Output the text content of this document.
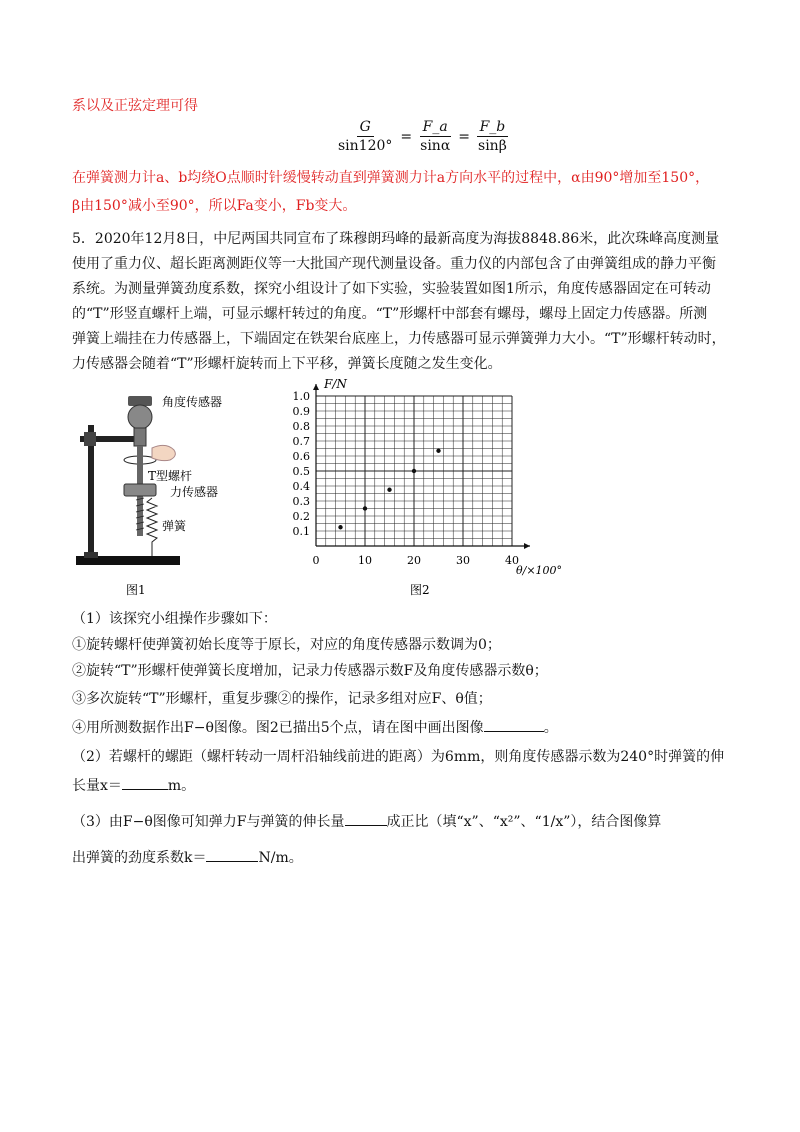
系以及正弦定理可得
$\frac{G}{\sin 120^\circ} = \frac{F\_a}{\sin\alpha} = \frac{F\_b}{\sin\beta}$
在弹簧测力计a、b均绕O点顺时针缓慢转动直到弹簧测力计a方向水平的过程中，α由90°增加至150°，
β由150°减小至90°，所以Fa变小，Fb变大。
5．2020年12月8日，中尼两国共同宣布了珠穆朗玛峰的最新高度为海拔8848.86米，此次珠峰高度测量
使用了重力仪、超长距离测距仪等一大批国产现代测量设备。重力仪的内部包含了由弹簧组成的静力平衡
系统。为测量弹簧劲度系数，探究小组设计了如下实验，实验装置如图1所示，角度传感器固定在可转动
的“T”形竖直螺杆上端，可显示螺杆转过的角度。“T”形螺杆中部套有螺母，螺母上固定力传感器。所测
弹簧上端挂在力传感器上，下端固定在铁架台底座上，力传感器可显示弹簧弹力大小。“T”形螺杆转动时，
力传感器会随着“T”形螺杆旋转而上下平移，弹簧长度随之发生变化。
角度传感器
T型螺杆
力传感器
弹簧
图1
0	10	20	30	40
0.1
0.2
0.3
0.4
0.5
0.6
0.7
0.8
0.9
1.0
F/N
θ/×100°
图2
（1）该探究小组操作步骤如下：
①旋转螺杆使弹簧初始长度等于原长，对应的角度传感器示数调为0；
②旋转“T”形螺杆使弹簧长度增加，记录力传感器示数F及角度传感器示数θ；
③多次旋转“T”形螺杆，重复步骤②的操作，记录多组对应F、θ值；
④用所测数据作出F−θ图像。图2已描出5个点，请在图中画出图像	。
（2）若螺杆的螺距（螺杆转动一周杆沿轴线前进的距离）为6mm，则角度传感器示数为240°时弹簧的伸
长量x＝	m。
（3）由F−θ图像可知弹力F与弹簧的伸长量	成正比（填“x”、“x²”、“1/x”），结合图像算
出弹簧的劲度系数k＝	N/m。
